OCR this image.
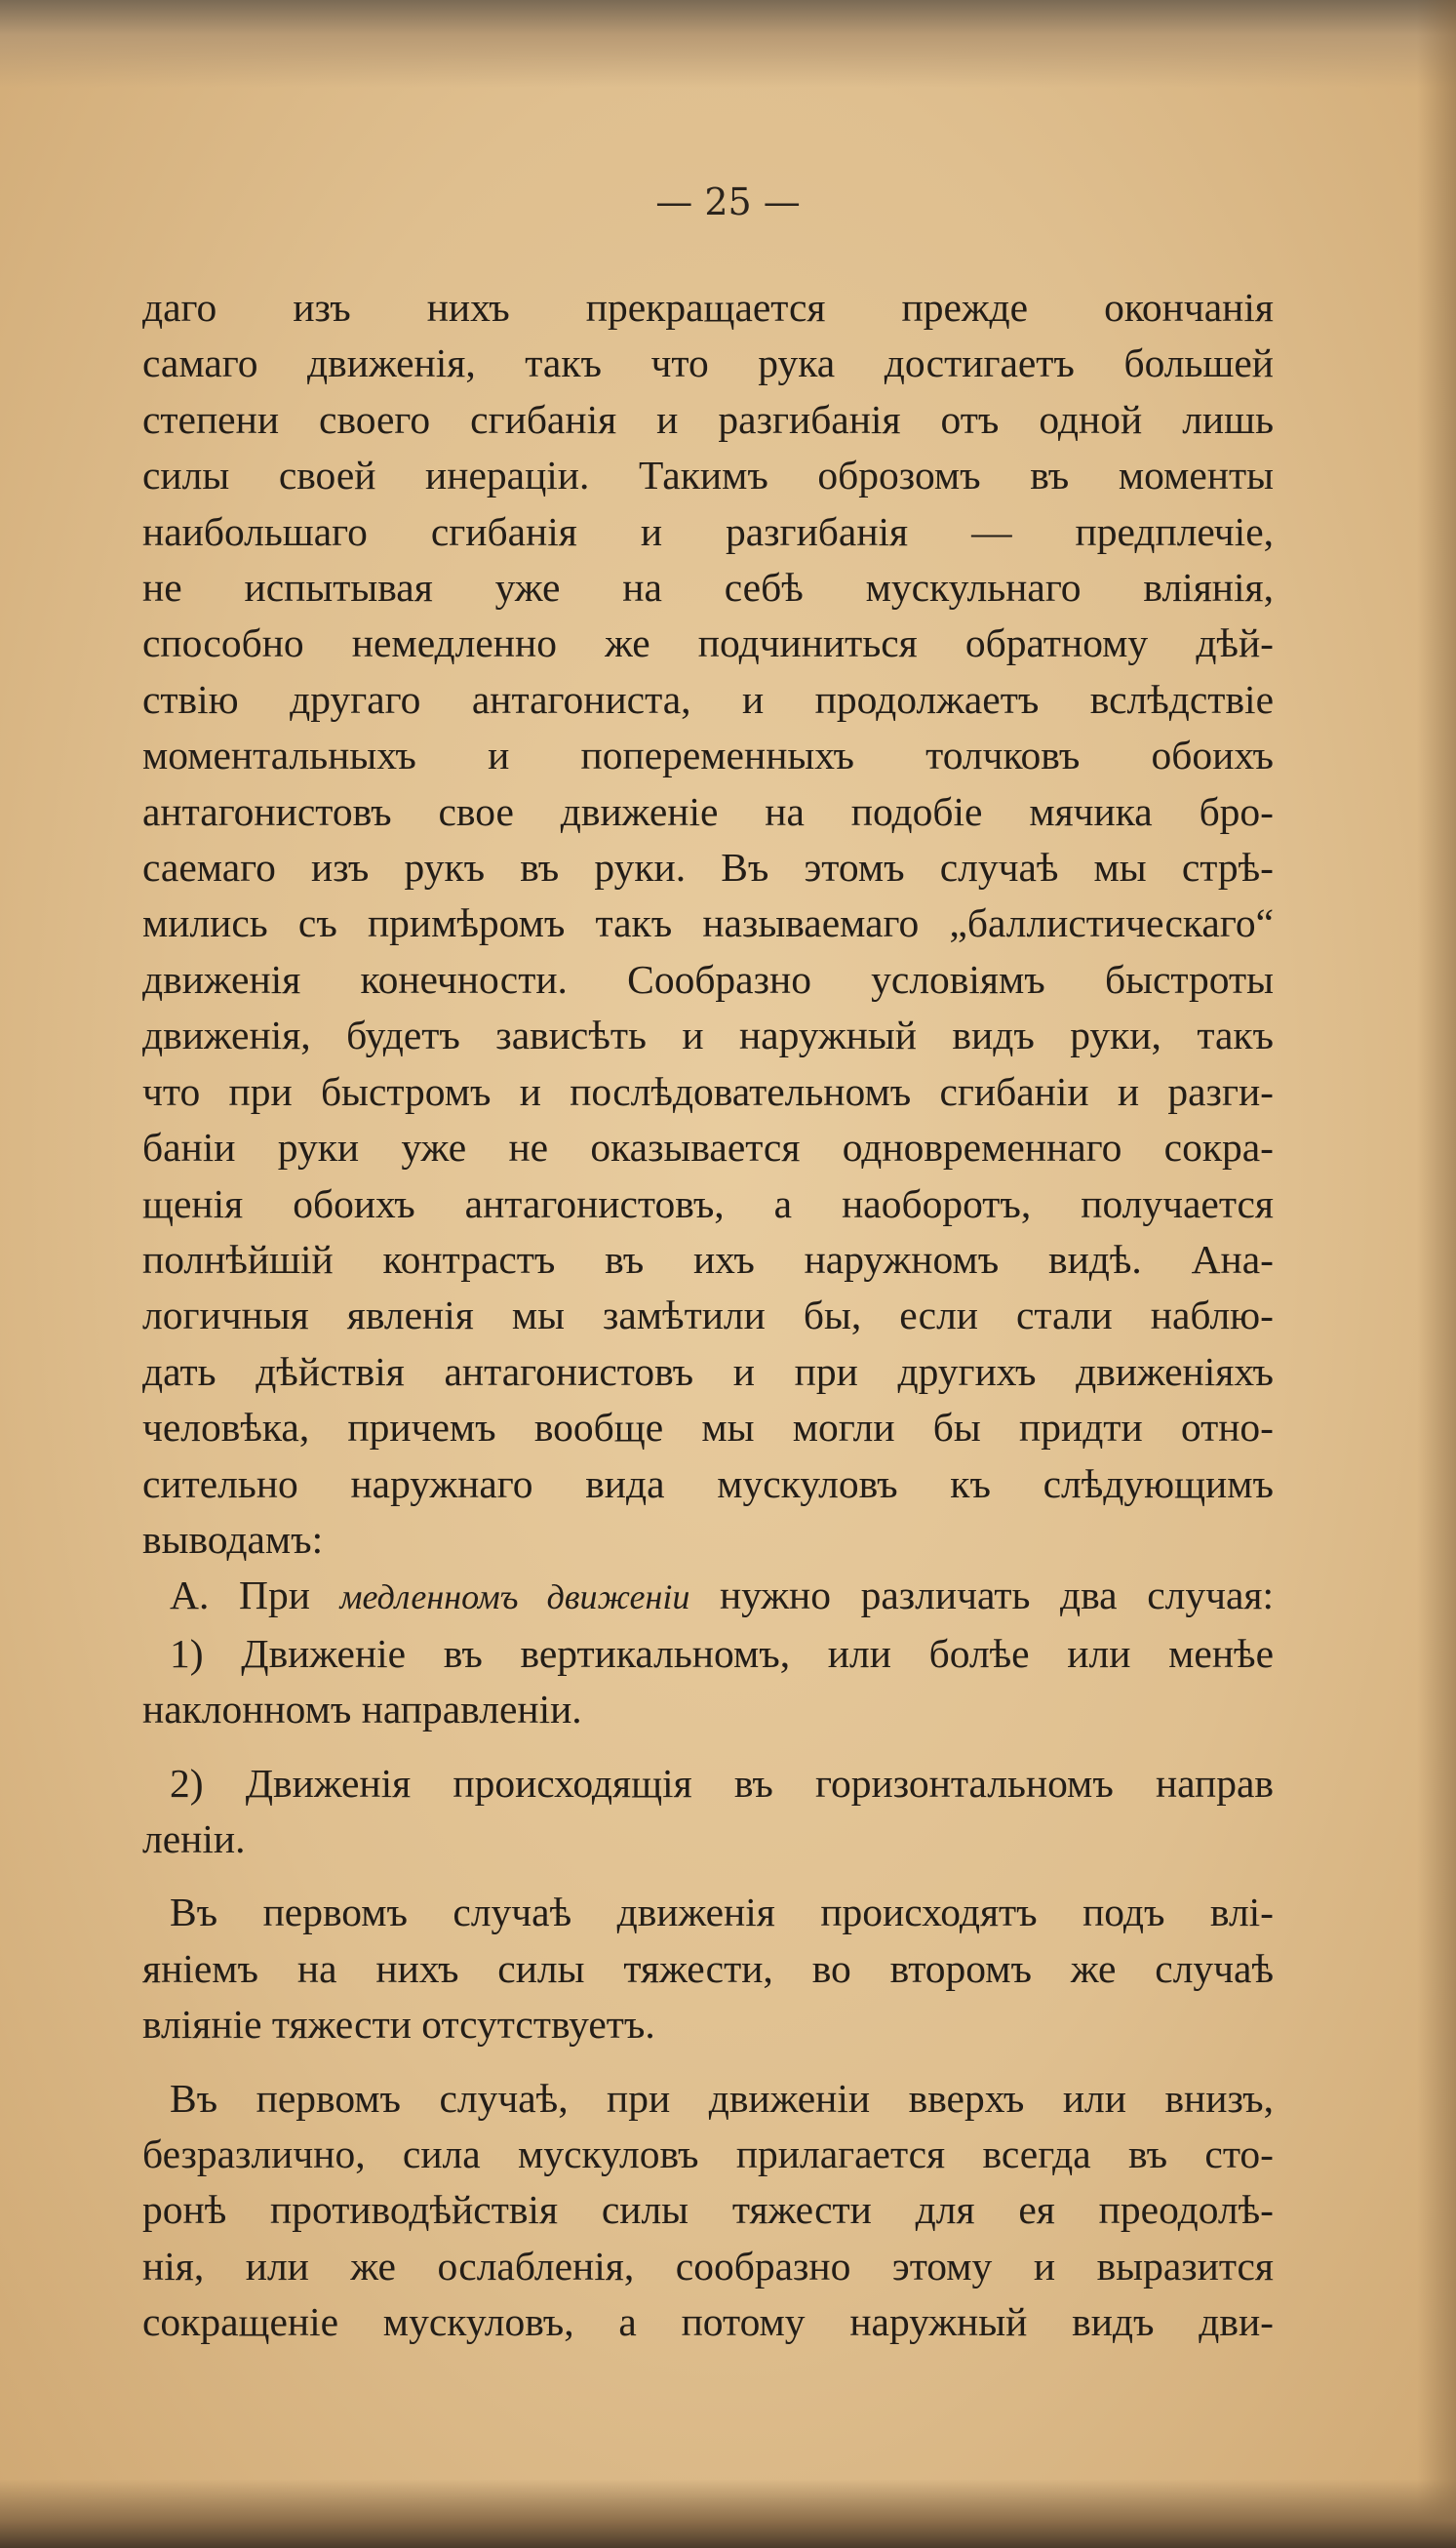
— 25 —
даго изъ нихъ прекращается прежде окончанія
самаго движенія, такъ что рука достигаетъ большей
степени своего сгибанія и разгибанія отъ одной лишь
силы своей инераціи. Такимъ обрoзомъ въ моменты
наибольшаго сгибанія и разгибанія — предплечіе,
не испытывая уже на себѣ мускульнаго вліянія,
способно немедленно же подчиниться обратному дѣй-
ствію другаго антагониста, и продолжаетъ вслѣдствіе
моментальныхъ и попеременныхъ толчковъ обоихъ
антагонистовъ свое движеніе на подобіе мячика бро-
саемаго изъ рукъ въ руки. Въ этомъ случаѣ мы стрѣ-
мились съ примѣромъ такъ называемаго „баллистическаго“
движенія конечности. Сообразно условіямъ быстроты
движенія, будетъ зависѣть и наружный видъ руки, такъ
что при быстромъ и послѣдовательномъ сгибаніи и разги-
баніи руки уже не оказывается одновременнаго сокра-
щенія обоихъ антагонистовъ, а наоборотъ, получается
полнѣйшій контрастъ въ ихъ наружномъ видѣ. Ана-
логичныя явленія мы замѣтили бы, если стали наблю-
дать дѣйствія антагонистовъ и при другихъ движеніяхъ
человѣка, причемъ вообще мы могли бы придти отно-
сительно наружнаго вида мускуловъ къ слѣдующимъ
выводамъ:
А. При медленномъ движеніи нужно различать два случая:
1) Движеніе въ вертикальномъ, или болѣе или менѣе
наклонномъ направленіи.
2) Движенія происходящія въ горизонтальномъ направ
леніи.
Въ первомъ случаѣ движенія происходятъ подъ влі-
яніемъ на нихъ силы тяжести, во второмъ же случаѣ
вліяніе тяжести отсутствуетъ.
Въ первомъ случаѣ, при движеніи вверхъ или внизъ,
безразлично, сила мускуловъ прилагается всегда въ сто-
ронѣ противодѣйствія силы тяжести для ея преодолѣ-
нія, или же ослабленія, сообразно этому и выразится
сокращеніе мускуловъ, а потому наружный видъ дви-
